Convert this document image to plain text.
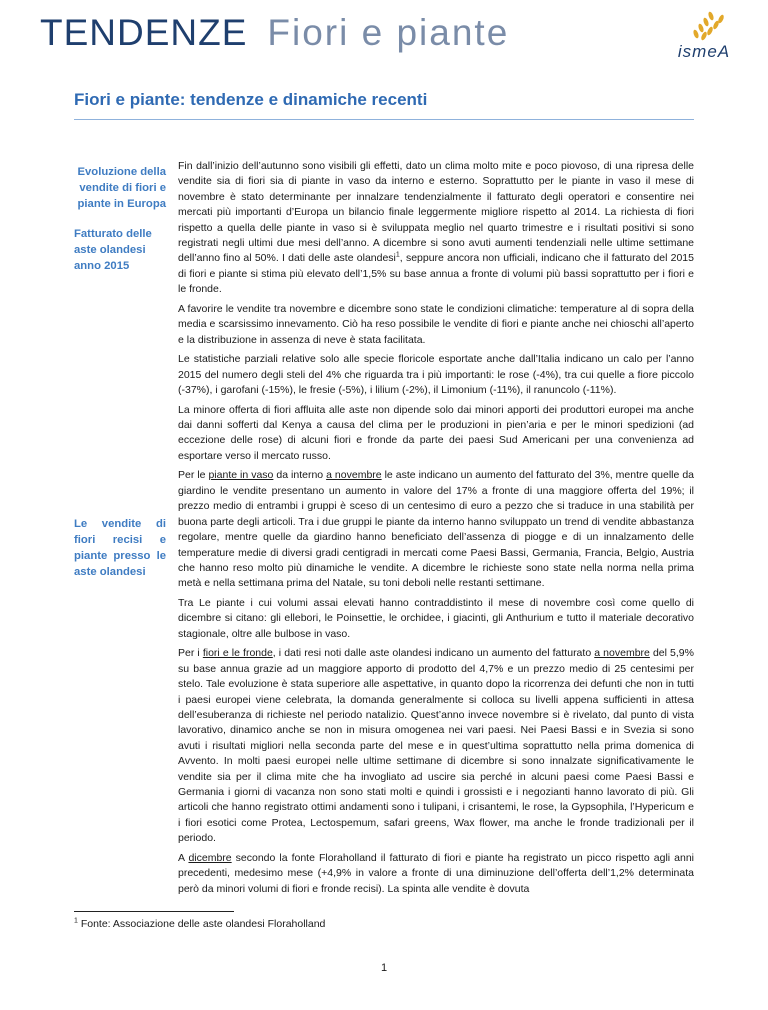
TENDENZE Fiori e piante	ismeA
Fiori e piante: tendenze e dinamiche recenti
Evoluzione della vendite di fiori e piante in Europa
Fatturato delle aste olandesi anno 2015
Le vendite di fiori recisi e piante presso le aste olandesi

Fin dall’inizio dell’autunno sono visibili gli effetti, dato un clima molto mite e poco piovoso, di una ripresa delle vendite sia di fiori sia di piante in vaso da interno e esterno. Soprattutto per le piante in vaso il mese di novembre è stato determinante per innalzare tendenzialmente il fatturato degli operatori e consentire nei mercati più importanti d’Europa un bilancio finale leggermente migliore rispetto al 2014. La richiesta di fiori rispetto a quella delle piante in vaso si è sviluppata meglio nel quarto trimestre e i risultati positivi si sono registrati negli ultimi due mesi dell’anno. A dicembre si sono avuti aumenti tendenziali nelle ultime settimane dell’anno fino al 50%. I dati delle aste olandesi$^1$, seppure ancora non ufficiali, indicano che il fatturato del 2015 di fiori e piante si stima più elevato dell’1,5% su base annua a fronte di volumi più bassi soprattutto per i fiori e le fronde.

A favorire le vendite tra novembre e dicembre sono state le condizioni climatiche: temperature al di sopra della media e scarsissimo innevamento. Ciò ha reso possibile le vendite di fiori e piante anche nei chioschi all’aperto e la distribuzione in assenza di neve è stata facilitata.

Le statistiche parziali relative solo alle specie floricole esportate anche dall’Italia indicano un calo per l’anno 2015 del numero degli steli del 4% che riguarda tra i più importanti: le rose (-4%), tra cui quelle a fiore piccolo (-37%), i garofani (-15%), le fresie (-5%), i lilium (-2%), il Limonium (-11%), il ranuncolo (-11%).

La minore offerta di fiori affluita alle aste non dipende solo dai minori apporti dei produttori europei ma anche dai danni sofferti dal Kenya a causa del clima per le produzioni in pien’aria e per le minori spedizioni (ad eccezione delle rose) di alcuni fiori e fronde da parte dei paesi Sud Americani per una convenienza ad esportare verso il mercato russo.

Per le piante in vaso da interno a novembre le aste indicano un aumento del fatturato del 3%, mentre quelle da giardino le vendite presentano un aumento in valore del 17% a fronte di una maggiore offerta del 19%; il prezzo medio di entrambi i gruppi è sceso di un centesimo di euro a pezzo che si traduce in una stabilità per buona parte degli articoli. Tra i due gruppi le piante da interno hanno sviluppato un trend di vendite abbastanza regolare, mentre quelle da giardino hanno beneficiato dell’assenza di piogge e di un innalzamento delle temperature medie di diversi gradi centigradi in mercati come Paesi Bassi, Germania, Francia, Belgio, Austria che hanno reso molto più dinamiche le vendite. A dicembre le richieste sono state nella norma nella prima metà e nella settimana prima del Natale, su toni deboli nelle restanti settimane.

Tra Le piante i cui volumi assai elevati hanno contraddistinto il mese di novembre così come quello di dicembre si citano: gli ellebori, le Poinsettie, le orchidee, i giacinti, gli Anthurium e tutto il materiale decorativo stagionale, oltre alle bulbose in vaso.

Per i fiori e le fronde, i dati resi noti dalle aste olandesi indicano un aumento del fatturato a novembre del 5,9% su base annua grazie ad un maggiore apporto di prodotto del 4,7% e un prezzo medio di 25 centesimi per stelo. Tale evoluzione è stata superiore alle aspettative, in quanto dopo la ricorrenza dei defunti che non in tutti i paesi europei viene celebrata, la domanda generalmente si colloca su livelli appena sufficienti in attesa dell’esuberanza di richieste nel periodo natalizio. Quest’anno invece novembre si è rivelato, dal punto di vista lavorativo, dinamico anche se non in misura omogenea nei vari paesi. Nei Paesi Bassi e in Svezia si sono avuti i risultati migliori nella seconda parte del mese e in quest’ultima soprattutto nella prima domenica di Avvento. In molti paesi europei nelle ultime settimane di dicembre si sono innalzate significativamente le vendite sia per il clima mite che ha invogliato ad uscire sia perché in alcuni paesi come Paesi Bassi e Germania i giorni di vacanza non sono stati molti e quindi i grossisti e i negozianti hanno lavorato di più. Gli articoli che hanno registrato ottimi andamenti sono i tulipani, i crisantemi, le rose, la Gypsophila, l’Hypericum e i fiori esotici come Protea, Lectospemum, safari greens, Wax flower, ma anche le fronde tradizionali per il periodo.

A dicembre secondo la fonte Floraholland il fatturato di fiori e piante ha registrato un picco rispetto agli anni precedenti, medesimo mese (+4,9% in valore a fronte di una diminuzione dell’offerta dell’1,2% determinata però da minori volumi di fiori e fronde recisi). La spinta alle vendite è dovuta

$^1$ Fonte: Associazione delle aste olandesi Floraholland
1
